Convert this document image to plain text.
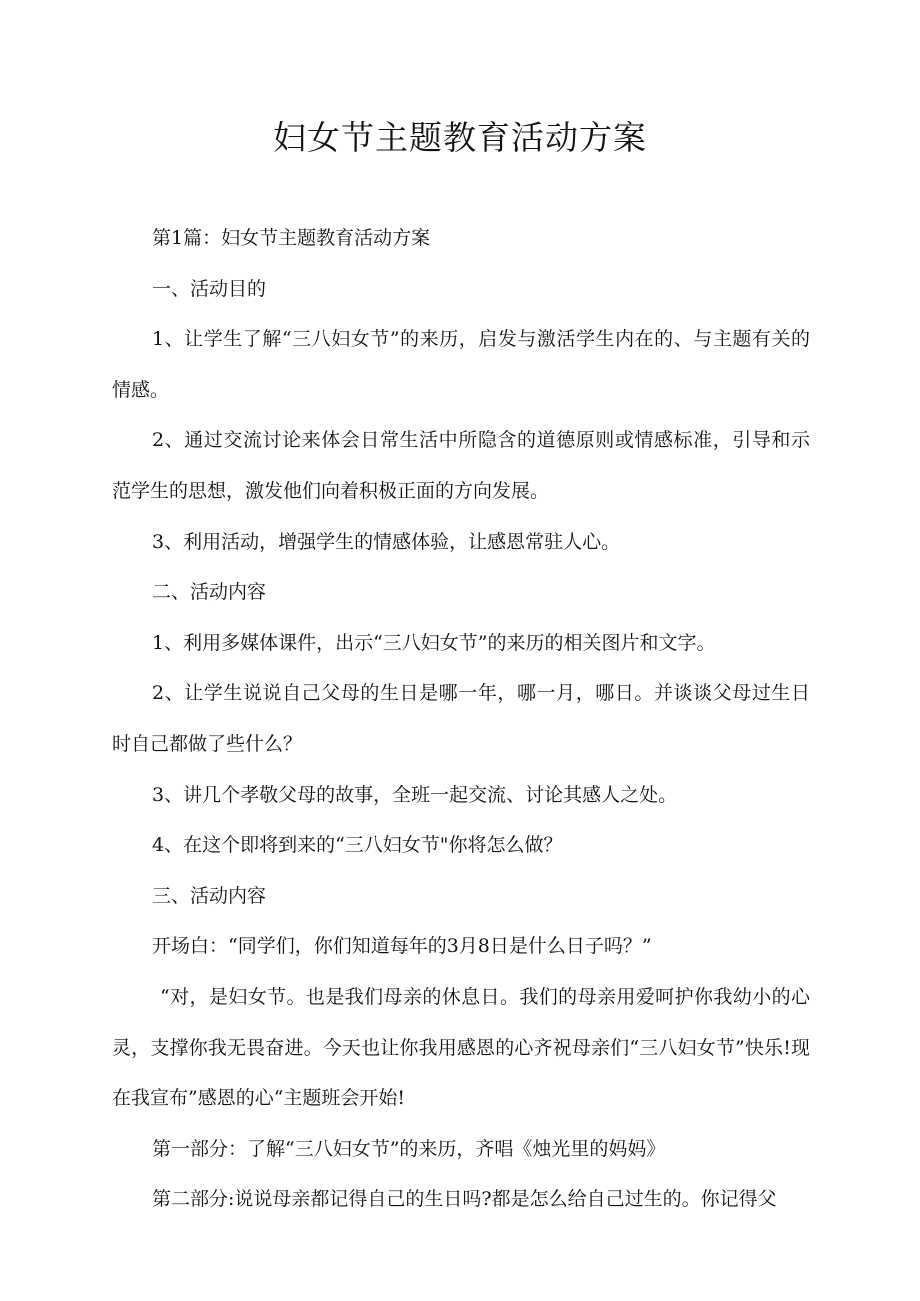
妇女节主题教育活动方案

第1篇：妇女节主题教育活动方案

一、活动目的

1、让学生了解“三八妇女节”的来历，启发与激活学生内在的、与主题有关的情感。

2、通过交流讨论来体会日常生活中所隐含的道德原则或情感标准，引导和示范学生的思想，激发他们向着积极正面的方向发展。

3、利用活动，增强学生的情感体验，让感恩常驻人心。

二、活动内容

1、利用多媒体课件，出示“三八妇女节”的来历的相关图片和文字。

2、让学生说说自己父母的生日是哪一年，哪一月，哪日。并谈谈父母过生日时自己都做了些什么？

3、讲几个孝敬父母的故事，全班一起交流、讨论其感人之处。

4、在这个即将到来的“三八妇女节"你将怎么做？

三、活动内容

开场白：“同学们，你们知道每年的3月8日是什么日子吗？”

“对，是妇女节。也是我们母亲的休息日。我们的母亲用爱呵护你我幼小的心灵，支撑你我无畏奋进。今天也让你我用感恩的心齐祝母亲们“三八妇女节”快乐!现在我宣布”感恩的心“主题班会开始!

第一部分：了解“三八妇女节”的来历，齐唱《烛光里的妈妈》

第二部分:说说母亲都记得自己的生日吗?都是怎么给自己过生的。你记得父
